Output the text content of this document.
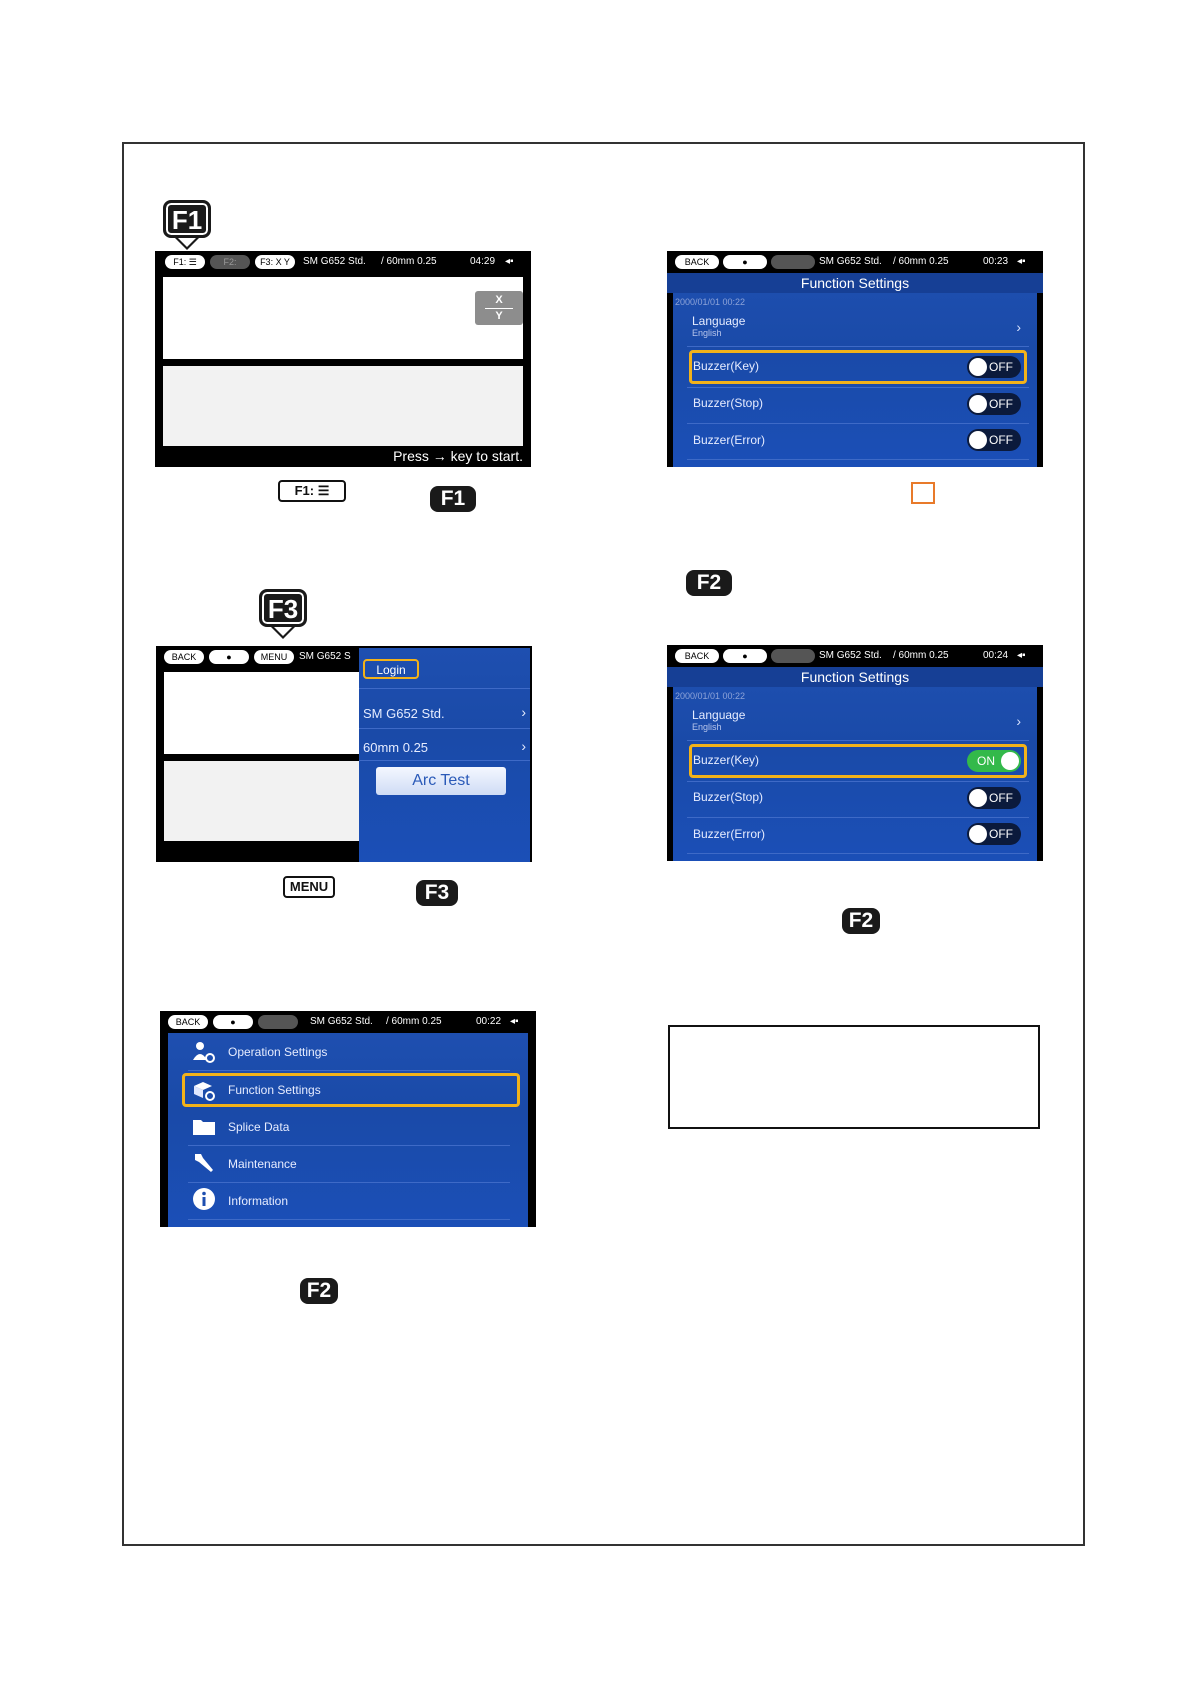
F1
F1: ☰	F2:	F3: X Y	SM G652 Std. / 60mm 0.25	04:29 ◂▪
X
Y
Press → key to start.
F1: ☰	F1
F3
BACK	●	MENU	SM G652 S
Login
SM G652 Std.	›
60mm 0.25	›
Arc Test
MENU	F3
BACK	●	SM G652 Std. / 60mm 0.25	00:22 ◂▪
Operation Settings
Function Settings
Splice Data
Maintenance
Information
F2
BACK	●	SM G652 Std. / 60mm 0.25	00:23 ◂▪
Function Settings
2000/01/01 00:22
Language
English	›
Buzzer(Key)	OFF
Buzzer(Stop)	OFF
Buzzer(Error)	OFF
F2
BACK	●	SM G652 Std. / 60mm 0.25	00:24 ◂▪
Function Settings
2000/01/01 00:22
Language
English	›
Buzzer(Key)	ON
Buzzer(Stop)	OFF
Buzzer(Error)	OFF
F2
